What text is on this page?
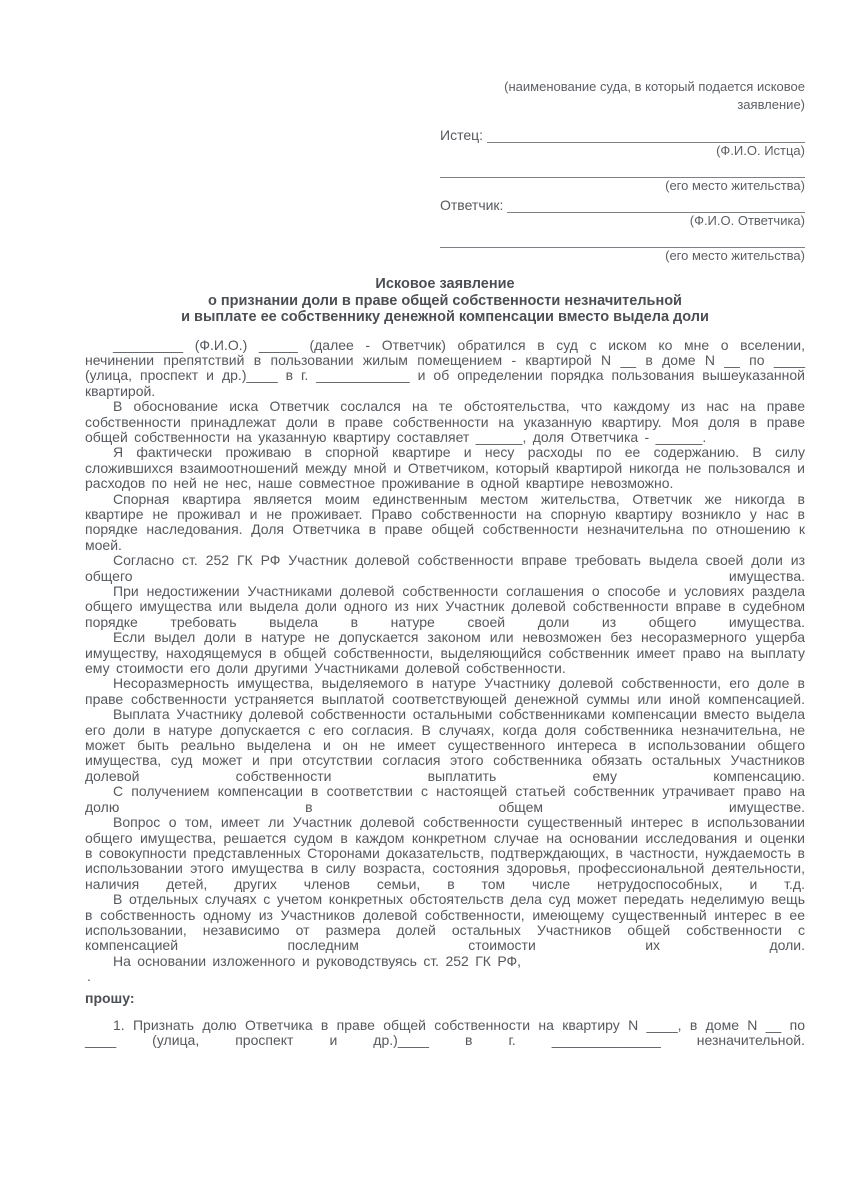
(наименование суда, в который подается исковое заявление)
Истец:
(Ф.И.О. Истца)
(его место жительства)
Ответчик:
(Ф.И.О. Ответчика)
(его место жительства)
Исковое заявление
о признании доли в праве общей собственности незначительной
и выплате ее собственнику денежной компенсации вместо выдела доли

_________ (Ф.И.О.) _____ (далее - Ответчик) обратился в суд с иском ко мне о вселении, нечинении препятствий в пользовании жилым помещением - квартирой N __ в доме N __ по ____ (улица, проспект и др.)____ в г. ____________ и об определении порядка пользования вышеуказанной квартирой.

В обоснование иска Ответчик сослался на те обстоятельства, что каждому из нас на праве собственности принадлежат доли в праве собственности на указанную квартиру. Моя доля в праве общей собственности на указанную квартиру составляет ______, доля Ответчика - ______.

Я фактически проживаю в спорной квартире и несу расходы по ее содержанию. В силу сложившихся взаимоотношений между мной и Ответчиком, который квартирой никогда не пользовался и расходов по ней не нес, наше совместное проживание в одной квартире невозможно.

Спорная квартира является моим единственным местом жительства, Ответчик же никогда в квартире не проживал и не проживает. Право собственности на спорную квартиру возникло у нас в порядке наследования. Доля Ответчика в праве общей собственности незначительна по отношению к моей.

Согласно ст. 252 ГК РФ Участник долевой собственности вправе требовать выдела своей доли из общего имущества.

При недостижении Участниками долевой собственности соглашения о способе и условиях раздела общего имущества или выдела доли одного из них Участник долевой собственности вправе в судебном порядке требовать выдела в натуре своей доли из общего имущества.

Если выдел доли в натуре не допускается законом или невозможен без несоразмерного ущерба имуществу, находящемуся в общей собственности, выделяющийся собственник имеет право на выплату ему стоимости его доли другими Участниками долевой собственности.

Несоразмерность имущества, выделяемого в натуре Участнику долевой собственности, его доле в праве собственности устраняется выплатой соответствующей денежной суммы или иной компенсацией.

Выплата Участнику долевой собственности остальными собственниками компенсации вместо выдела его доли в натуре допускается с его согласия. В случаях, когда доля собственника незначительна, не может быть реально выделена и он не имеет существенного интереса в использовании общего имущества, суд может и при отсутствии согласия этого собственника обязать остальных Участников долевой собственности выплатить ему компенсацию.

С получением компенсации в соответствии с настоящей статьей собственник утрачивает право на долю в общем имуществе.

Вопрос о том, имеет ли Участник долевой собственности существенный интерес в использовании общего имущества, решается судом в каждом конкретном случае на основании исследования и оценки в совокупности представленных Сторонами доказательств, подтверждающих, в частности, нуждаемость в использовании этого имущества в силу возраста, состояния здоровья, профессиональной деятельности, наличия детей, других членов семьи, в том числе нетрудоспособных, и т.д.

В отдельных случаях с учетом конкретных обстоятельств дела суд может передать неделимую вещь в собственность одному из Участников долевой собственности, имеющему существенный интерес в ее использовании, независимо от размера долей остальных Участников общей собственности с компенсацией последним стоимости их доли.

На основании изложенного и руководствуясь ст. 252 ГК РФ,

.

прошу:

1. Признать долю Ответчика в праве общей собственности на квартиру N ____, в доме N __ по ____ (улица, проспект и др.)____ в г. ______________ незначительной.
